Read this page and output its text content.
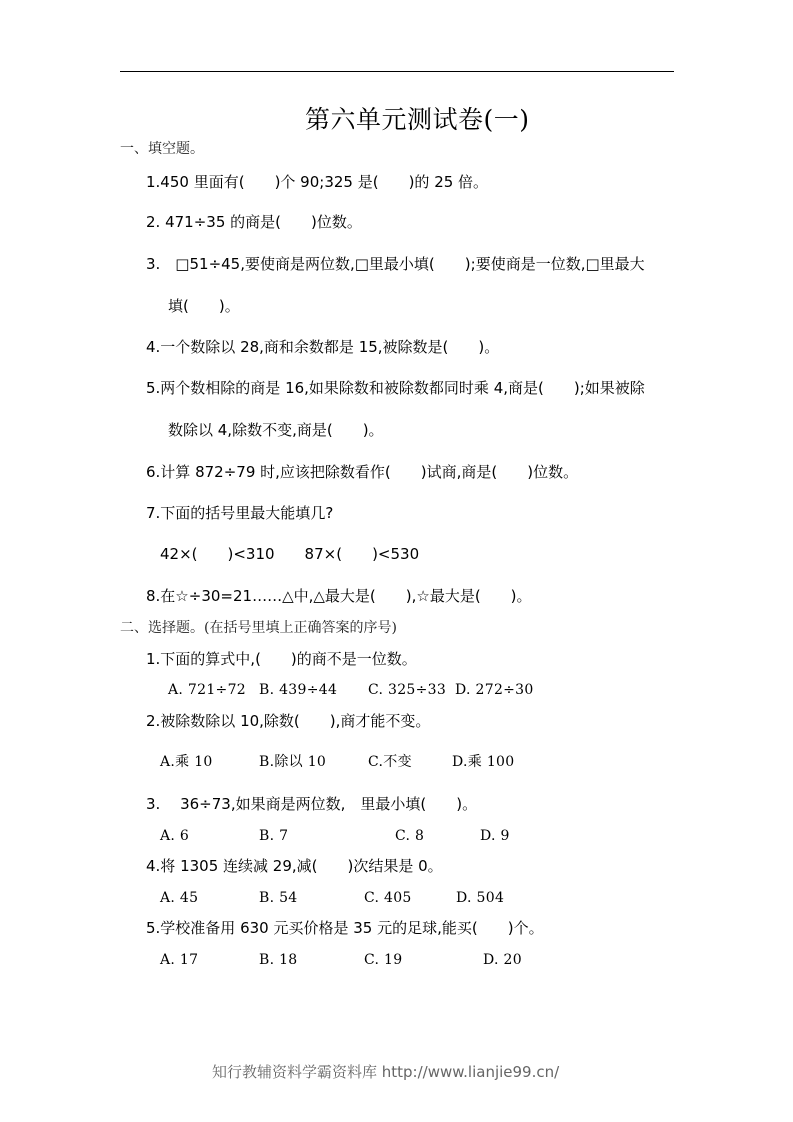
第六单元测试卷(一)
一、填空题。
1.450 里面有(　　)个 90;325 是(　　)的 25 倍。
2. 471÷35 的商是(　　)位数。
3.　□51÷45,要使商是两位数,□里最小填(　　);要使商是一位数,□里最大
填(　　)。
4.一个数除以 28,商和余数都是 15,被除数是(　　)。
5.两个数相除的商是 16,如果除数和被除数都同时乘 4,商是(　　);如果被除
数除以 4,除数不变,商是(　　)。
6.计算 872÷79 时,应该把除数看作(　　)试商,商是(　　)位数。
7.下面的括号里最大能填几?
42×(　　)<310　　87×(　　)<530
8.在☆÷30=21……△中,△最大是(　　),☆最大是(　　)。
二、选择题。(在括号里填上正确答案的序号)
1.下面的算式中,(　　)的商不是一位数。
A. 721÷72 B. 439÷44 C. 325÷33 D. 272÷30
2.被除数除以 10,除数(　　),商才能不变。
A.乘 10	B.除以 10	C.不变	D.乘 100
3.　 36÷73,如果商是两位数,　里最小填(　　)。
A. 6	B. 7	C. 8	D. 9
4.将 1305 连续减 29,减(　　)次结果是 0。
A. 45	B. 54	C. 405	D. 504
5.学校准备用 630 元买价格是 35 元的足球,能买(　　)个。
A. 17	B. 18	C. 19	D. 20
知行教辅资料学霸资料库 http://www.lianjie99.cn/
